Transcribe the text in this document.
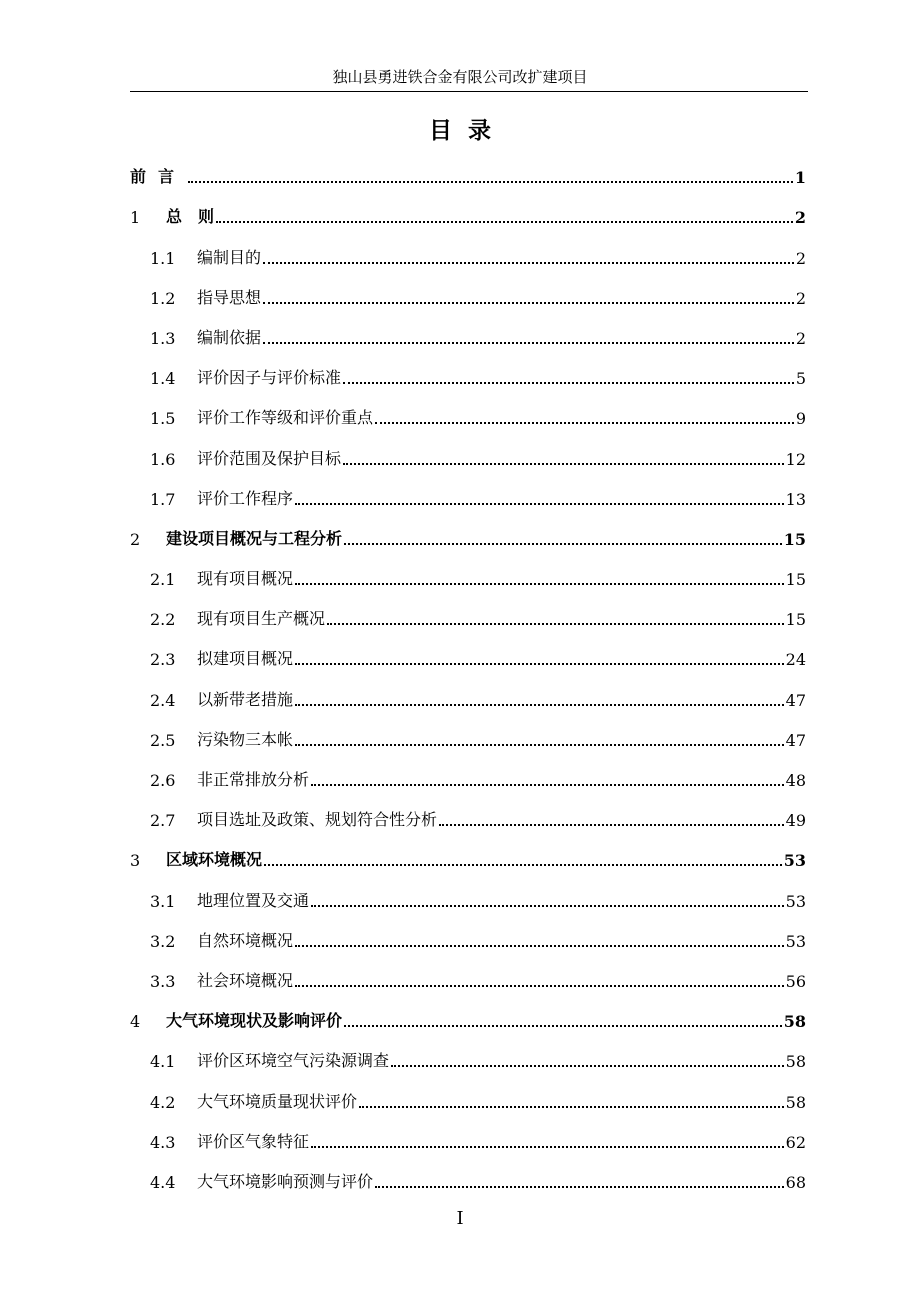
独山县勇进铁合金有限公司改扩建项目
目  录
前言	1
1	总　则	2
1.1	编制目的	2
1.2	指导思想	2
1.3	编制依据	2
1.4	评价因子与评价标准	5
1.5	评价工作等级和评价重点	9
1.6	评价范围及保护目标	12
1.7	评价工作程序	13
2	建设项目概况与工程分析	15
2.1	现有项目概况	15
2.2	现有项目生产概况	15
2.3	拟建项目概况	24
2.4	以新带老措施	47
2.5	污染物三本帐	47
2.6	非正常排放分析	48
2.7	项目选址及政策、规划符合性分析	49
3	区域环境概况	53
3.1	地理位置及交通	53
3.2	自然环境概况	53
3.3	社会环境概况	56
4	大气环境现状及影响评价	58
4.1	评价区环境空气污染源调查	58
4.2	大气环境质量现状评价	58
4.3	评价区气象特征	62
4.4	大气环境影响预测与评价	68
I
